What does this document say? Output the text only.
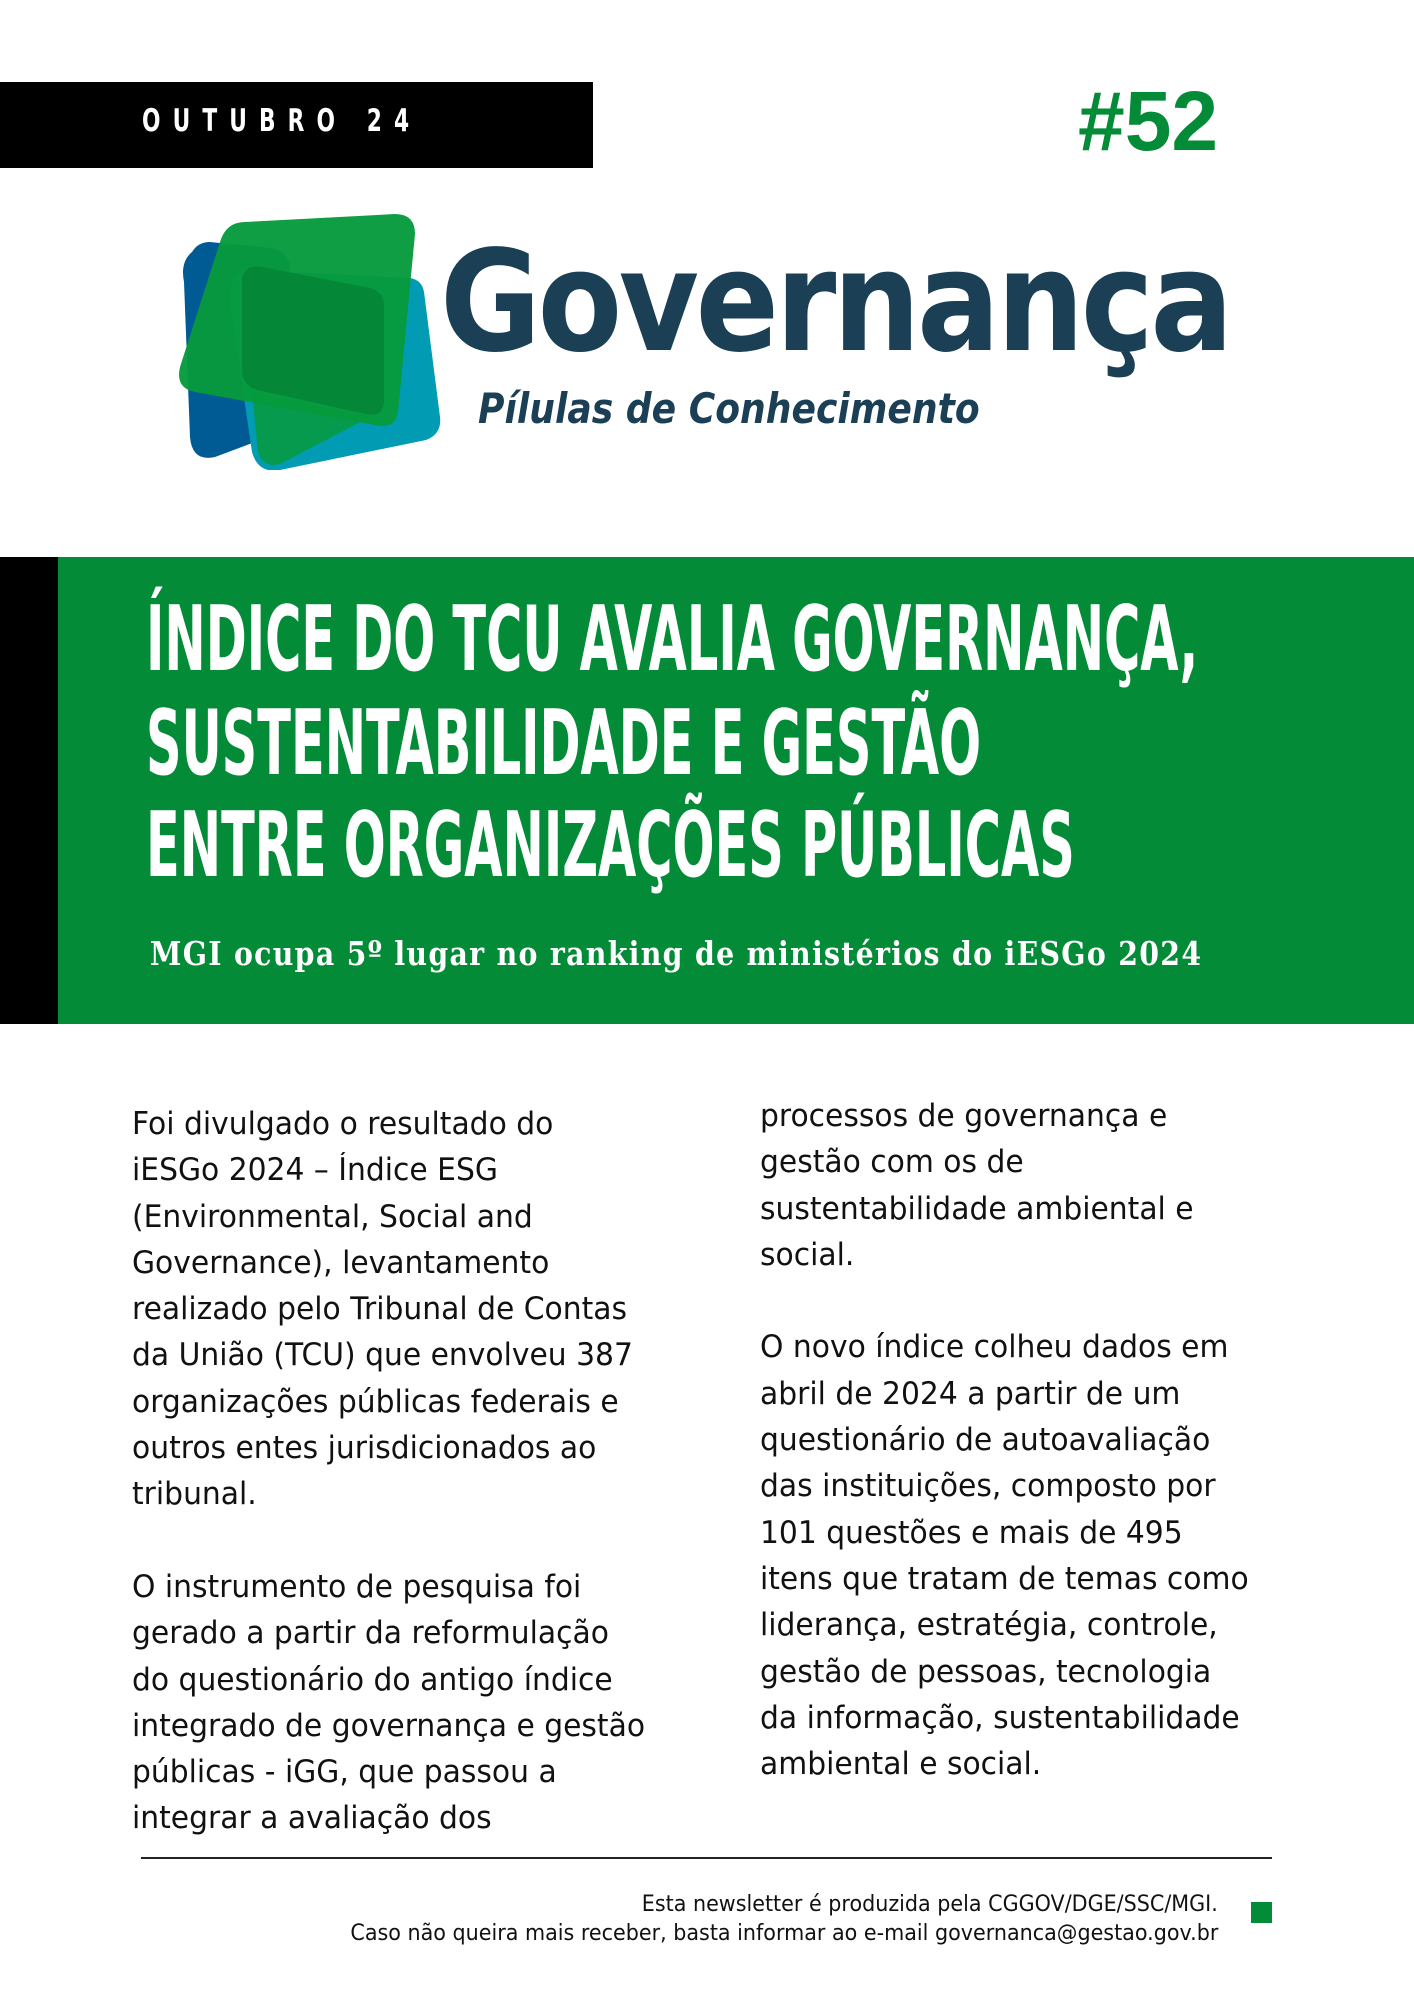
OUTUBRO 24	#52
Governança
Pílulas de Conhecimento
ÍNDICE DO TCU AVALIA GOVERNANÇA,
SUSTENTABILIDADE E GESTÃO
ENTRE ORGANIZAÇÕES PÚBLICAS
MGI ocupa 5º lugar no ranking de ministérios do iESGo 2024

Foi divulgado o resultado do

iESGo 2024 – Índice ESG

(Environmental, Social and

Governance), levantamento

realizado pelo Tribunal de Contas

da União (TCU) que envolveu 387

organizações públicas federais e

outros entes jurisdicionados ao

tribunal.

O instrumento de pesquisa foi

gerado a partir da reformulação

do questionário do antigo índice

integrado de governança e gestão

públicas - iGG, que passou a

integrar a avaliação dos

processos de governança e

gestão com os de

sustentabilidade ambiental e

social.

O novo índice colheu dados em

abril de 2024 a partir de um

questionário de autoavaliação

das instituições, composto por

101 questões e mais de 495

itens que tratam de temas como

liderança, estratégia, controle,

gestão de pessoas, tecnologia

da informação, sustentabilidade

ambiental e social.

Esta newsletter é produzida pela CGGOV/DGE/SSC/MGI.
Caso não queira mais receber, basta informar ao e-mail governanca@gestao.gov.br
